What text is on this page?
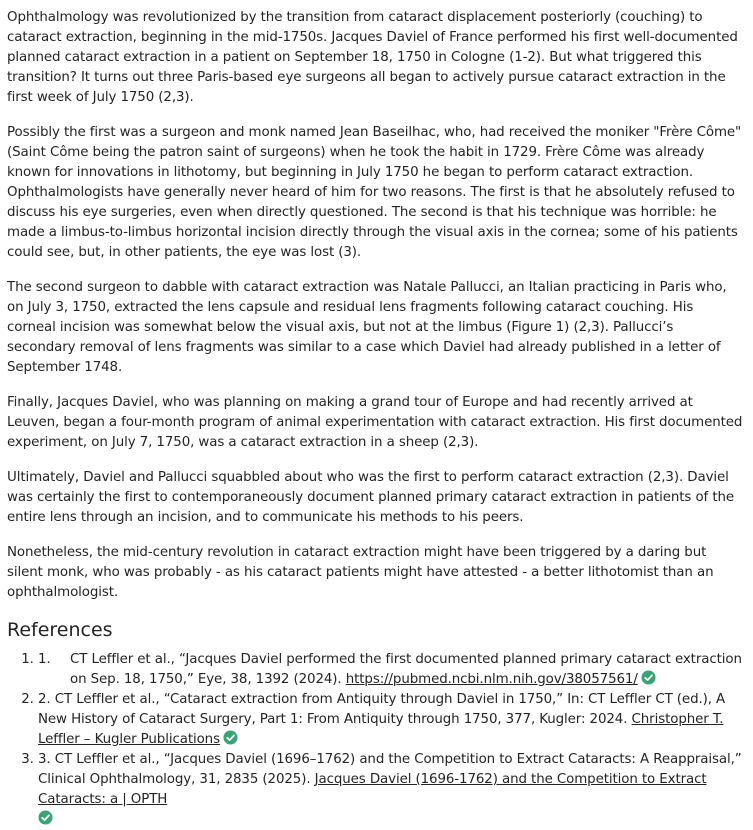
Ophthalmology was revolutionized by the transition from cataract displacement posteriorly (couching) to cataract extraction, beginning in the mid-1750s. Jacques Daviel of France performed his first well-documented planned cataract extraction in a patient on September 18, 1750 in Cologne (1-2). But what triggered this transition? It turns out three Paris-based eye surgeons all began to actively pursue cataract extraction in the first week of July 1750 (2,3).

Possibly the first was a surgeon and monk named Jean Baseilhac, who, had received the moniker "Frère Côme" (Saint Côme being the patron saint of surgeons) when he took the habit in 1729. Frère Côme was already known for innovations in lithotomy, but beginning in July 1750 he began to perform cataract extraction. Ophthalmologists have generally never heard of him for two reasons. The first is that he absolutely refused to discuss his eye surgeries, even when directly questioned. The second is that his technique was horrible: he made a limbus-to-limbus horizontal incision directly through the visual axis in the cornea; some of his patients could see, but, in other patients, the eye was lost (3).

The second surgeon to dabble with cataract extraction was Natale Pallucci, an Italian practicing in Paris who, on July 3, 1750, extracted the lens capsule and residual lens fragments following cataract couching. His corneal incision was somewhat below the visual axis, but not at the limbus (Figure 1) (2,3). Pallucci’s secondary removal of lens fragments was similar to a case which Daviel had already published in a letter of September 1748.

Finally, Jacques Daviel, who was planning on making a grand tour of Europe and had recently arrived at Leuven, began a four-month program of animal experimentation with cataract extraction. His first documented experiment, on July 7, 1750, was a cataract extraction in a sheep (2,3).

Ultimately, Daviel and Pallucci squabbled about who was the first to perform cataract extraction (2,3). Daviel was certainly the first to contemporaneously document planned primary cataract extraction in patients of the entire lens through an incision, and to communicate his methods to his peers.

Nonetheless, the mid-century revolution in cataract extraction might have been triggered by a daring but silent monk, who was probably - as his cataract patients might have attested - a better lithotomist than an ophthalmologist.

References
1. 1. CT Leffler et al., “Jacques Daviel performed the first documented planned primary cataract extraction on Sep. 18, 1750,” Eye, 38, 1392 (2024). https://pubmed.ncbi.nlm.nih.gov/38057561/
2. 2. CT Leffler et al., “Cataract extraction from Antiquity through Daviel in 1750,” In: CT Leffler CT (ed.), A New History of Cataract Surgery, Part 1: From Antiquity through 1750, 377, Kugler: 2024. Christopher T. Leffler – Kugler Publications
3. 3. CT Leffler et al., “Jacques Daviel (1696–1762) and the Competition to Extract Cataracts: A Reappraisal,” Clinical Ophthalmology, 31, 2835 (2025). Jacques Daviel (1696-1762) and the Competition to Extract Cataracts: a | OPTH
